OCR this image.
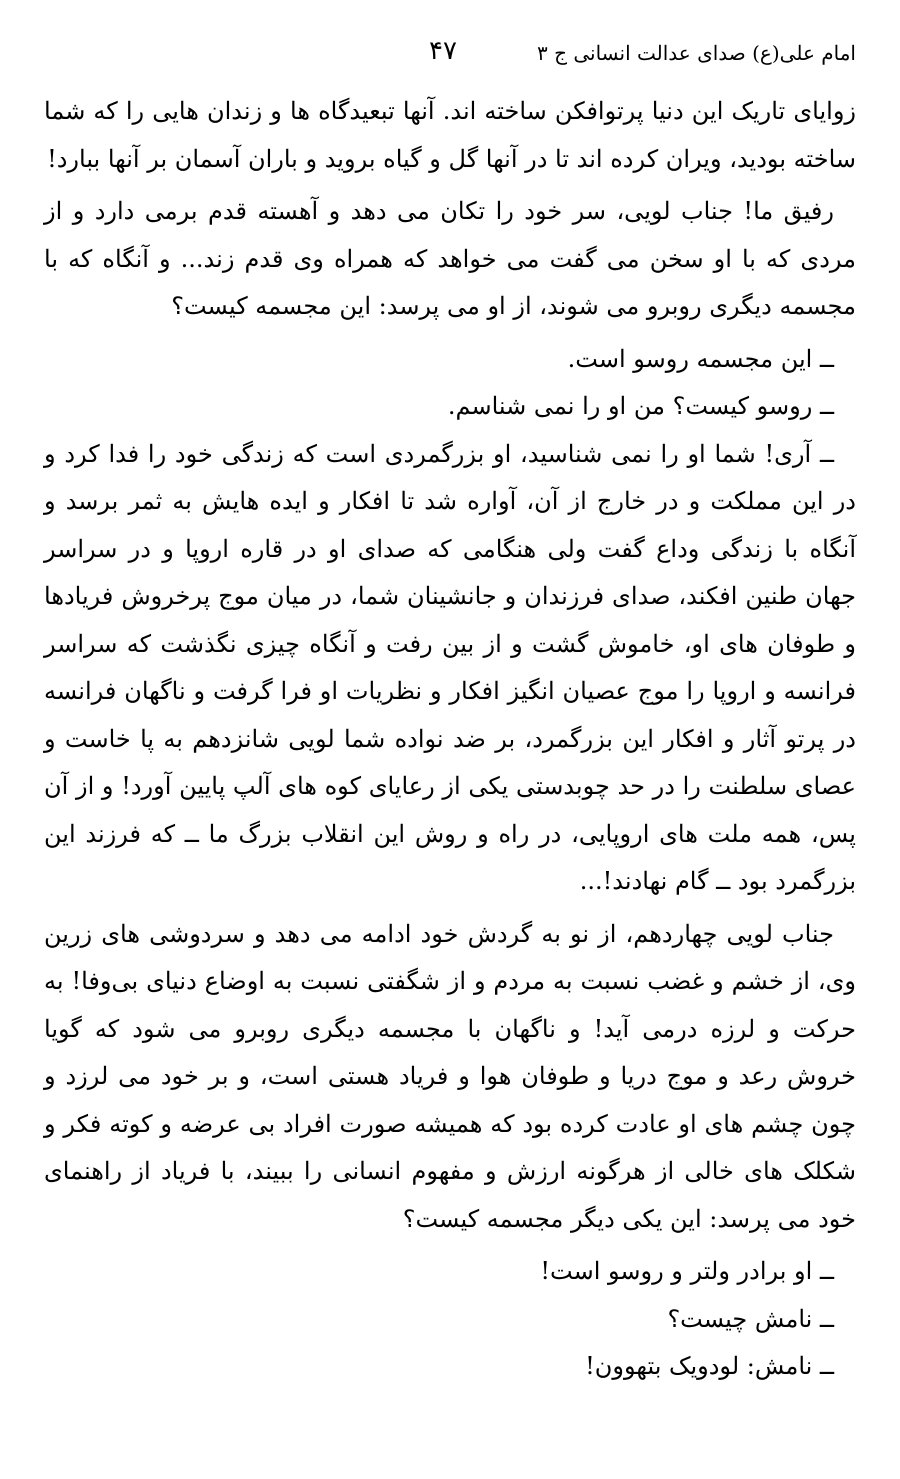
امام علی(ع) صدای عدالت انسانی ج ۳
۴۷

زوایای تاریک این دنیا پرتوافکن ساخته اند. آنها تبعیدگاه ها و زندان هایی را که شما ساخته بودید، ویران کرده اند تا در آنها گل و گیاه بروید و باران آسمان بر آنها ببارد!

رفیق ما! جناب لویی، سر خود را تکان می دهد و آهسته قدم برمی دارد و از مردی که با او سخن می گفت می خواهد که همراه وی قدم زند... و آنگاه که با مجسمه دیگری روبرو می شوند، از او می پرسد: این مجسمه کیست؟

ــ این مجسمه روسو است.

ــ روسو کیست؟ من او را نمی شناسم.

ــ آری! شما او را نمی شناسید، او بزرگمردی است که زندگی خود را فدا کرد و در این مملکت و در خارج از آن، آواره شد تا افکار و ایده هایش به ثمر برسد و آنگاه با زندگی وداع گفت ولی هنگامی که صدای او در قاره اروپا و در سراسر جهان طنین افکند، صدای فرزندان و جانشینان شما، در میان موج پرخروش فریادها و طوفان های او، خاموش گشت و از بین رفت و آنگاه چیزی نگذشت که سراسر فرانسه و اروپا را موج عصیان انگیز افکار و نظریات او فرا گرفت و ناگهان فرانسه در پرتو آثار و افکار این بزرگمرد، بر ضد نواده شما لویی شانزدهم به پا خاست و عصای سلطنت را در حد چوبدستی یکی از رعایای کوه های آلپ پایین آورد! و از آن پس، همه ملت های اروپایی، در راه و روش این انقلاب بزرگ ما ــ که فرزند این بزرگمرد بود ــ گام نهادند!...

جناب لویی چهاردهم، از نو به گردش خود ادامه می دهد و سردوشی های زرین وی، از خشم و غضب نسبت به مردم و از شگفتی نسبت به اوضاع دنیای بی‌وفا! به حرکت و لرزه درمی آید! و ناگهان با مجسمه دیگری روبرو می شود که گویا خروش رعد و موج دریا و طوفان هوا و فریاد هستی است، و بر خود می لرزد و چون چشم های او عادت کرده بود که همیشه صورت افراد بی عرضه و کوته فکر و شکلک های خالی از هرگونه ارزش و مفهوم انسانی را ببیند، با فریاد از راهنمای خود می پرسد: این یکی دیگر مجسمه کیست؟

ــ او برادر ولتر و روسو است!

ــ نامش چیست؟

ــ نامش: لودویک بتهوون!
